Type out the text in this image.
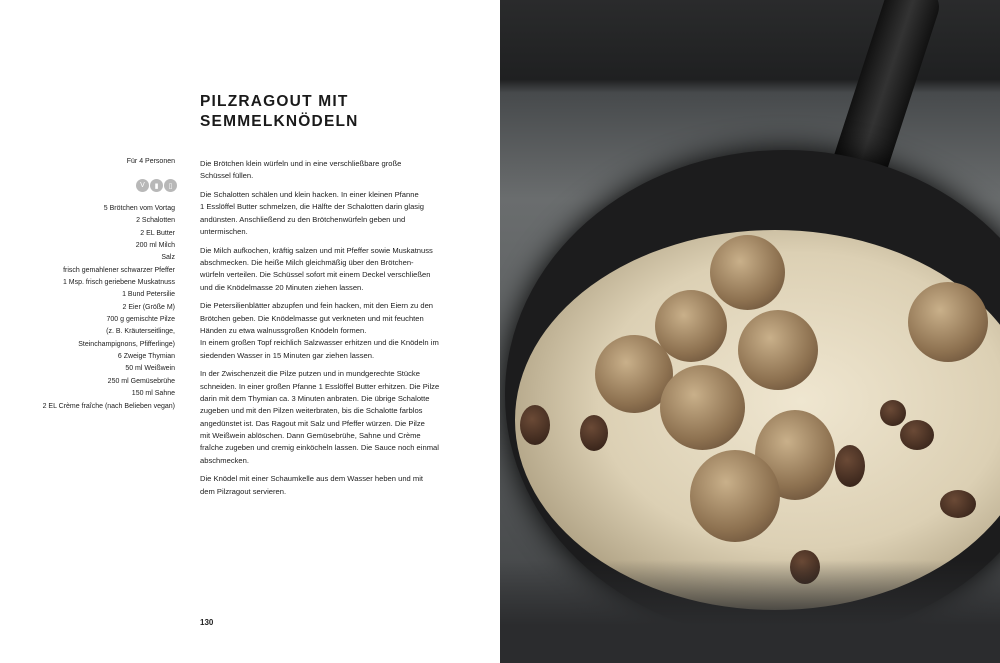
PILZRAGOUT MIT
SEMMELKNÖDELN
Für 4 Personen
V	▮	▯
5 Brötchen vom Vortag
2 Schalotten
2 EL Butter
200 ml Milch
Salz
frisch gemahlener schwarzer Pfeffer
1 Msp. frisch geriebene Muskatnuss
1 Bund Petersilie
2 Eier (Größe M)
700 g gemischte Pilze
(z. B. Kräuterseitlinge,
Steinchampignons, Pfifferlinge)
6 Zweige Thymian
50 ml Weißwein
250 ml Gemüsebrühe
150 ml Sahne
2 EL Crème fraîche (nach Belieben vegan)

Die Brötchen klein würfeln und in eine verschließbare große
Schüssel füllen.

Die Schalotten schälen und klein hacken. In einer kleinen Pfanne
1 Esslöffel Butter schmelzen, die Hälfte der Schalotten darin glasig
andünsten. Anschließend zu den Brötchenwürfeln geben und
untermischen.

Die Milch aufkochen, kräftig salzen und mit Pfeffer sowie Muskatnuss
abschmecken. Die heiße Milch gleichmäßig über den Brötchen-
würfeln verteilen. Die Schüssel sofort mit einem Deckel verschließen
und die Knödelmasse 20 Minuten ziehen lassen.

Die Petersilienblätter abzupfen und fein hacken, mit den Eiern zu den
Brötchen geben. Die Knödelmasse gut verkneten und mit feuchten
Händen zu etwa walnussgroßen Knödeln formen.
In einem großen Topf reichlich Salzwasser erhitzen und die Knödeln im
siedenden Wasser in 15 Minuten gar ziehen lassen.

In der Zwischenzeit die Pilze putzen und in mundgerechte Stücke
schneiden. In einer großen Pfanne 1 Esslöffel Butter erhitzen. Die Pilze
darin mit dem Thymian ca. 3 Minuten anbraten. Die übrige Schalotte
zugeben und mit den Pilzen weiterbraten, bis die Schalotte farblos
angedünstet ist. Das Ragout mit Salz und Pfeffer würzen. Die Pilze
mit Weißwein ablöschen. Dann Gemüsebrühe, Sahne und Crème
fraîche zugeben und cremig einköcheln lassen. Die Sauce noch einmal
abschmecken.

Die Knödel mit einer Schaumkelle aus dem Wasser heben und mit
dem Pilzragout servieren.

130
